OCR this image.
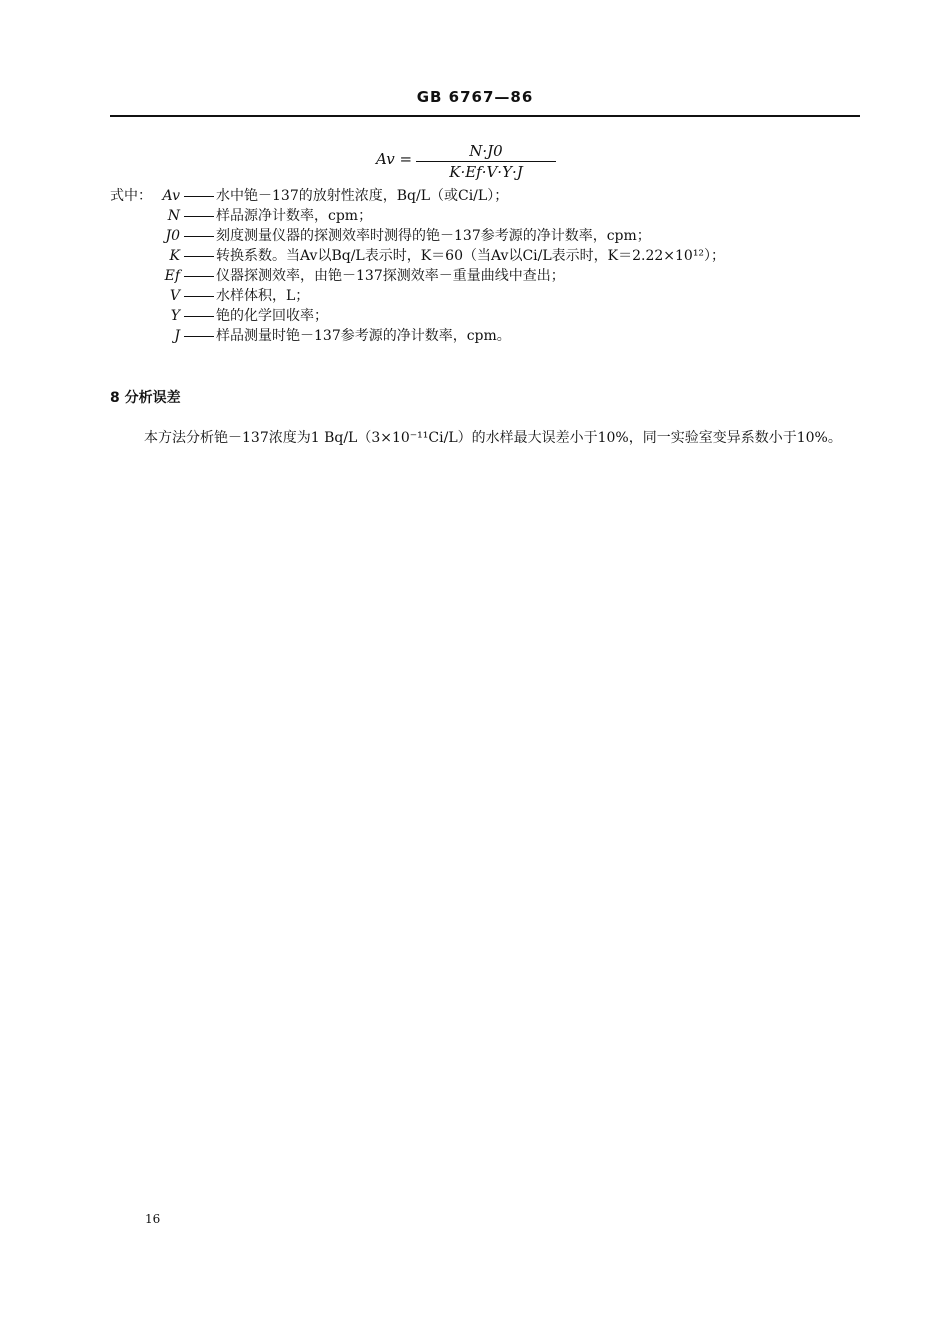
GB 6767—86
Av =	N·J0
K·Ef·V·Y·J
式中： Av	水中铯－137的放射性浓度，Bq/L（或Ci/L）；
N	样品源净计数率，cpm；
J0	刻度测量仪器的探测效率时测得的铯－137参考源的净计数率，cpm；
K	转换系数。当Av以Bq/L表示时，K＝60（当Av以Ci/L表示时，K＝2.22×10¹²）；
Ef	仪器探测效率，由铯－137探测效率－重量曲线中查出；
V	水样体积，L；
Y	铯的化学回收率；
J	样品测量时铯－137参考源的净计数率，cpm。
8 分析误差
本方法分析铯－137浓度为1 Bq/L（3×10⁻¹¹Ci/L）的水样最大误差小于10%，同一实验室变异系数小于10%。
16
